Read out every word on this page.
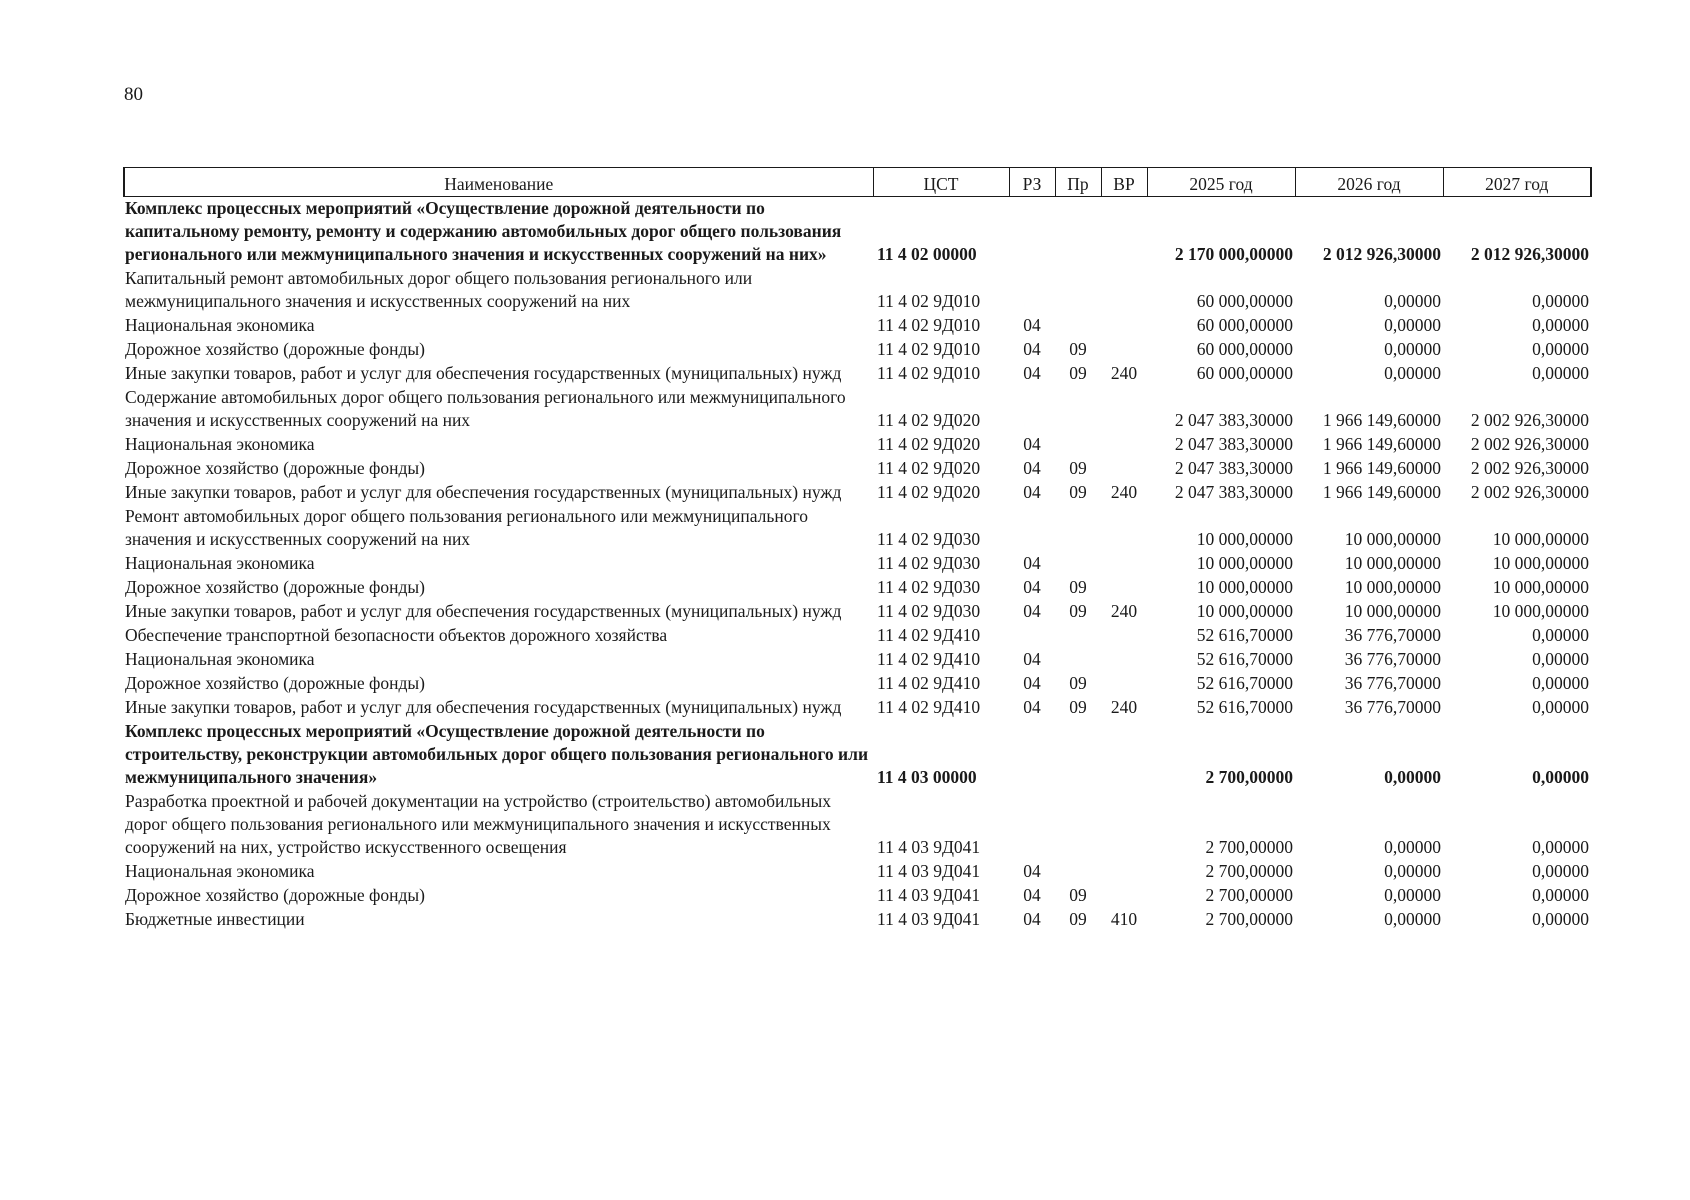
80
Наименование	ЦСТ	РЗ	Пр	ВР	2025 год	2026 год	2027 год
Комплекс процессных мероприятий «Осуществление дорожной деятельности по капитальному ремонту, ремонту и содержанию автомобильных дорог общего пользования регионального или межмуниципального значения и искусственных сооружений на них»	11 4 02 00000				2 170 000,00000	2 012 926,30000	2 012 926,30000
Капитальный ремонт автомобильных дорог общего пользования регионального или межмуниципального значения и искусственных сооружений на них	11 4 02 9Д010				60 000,00000	0,00000	0,00000
Национальная экономика	11 4 02 9Д010	04			60 000,00000	0,00000	0,00000
Дорожное хозяйство (дорожные фонды)	11 4 02 9Д010	04	09		60 000,00000	0,00000	0,00000
Иные закупки товаров, работ и услуг для обеспечения государственных (муниципальных) нужд	11 4 02 9Д010	04	09	240	60 000,00000	0,00000	0,00000
Содержание автомобильных дорог общего пользования регионального или межмуниципального значения и искусственных сооружений на них	11 4 02 9Д020				2 047 383,30000	1 966 149,60000	2 002 926,30000
Национальная экономика	11 4 02 9Д020	04			2 047 383,30000	1 966 149,60000	2 002 926,30000
Дорожное хозяйство (дорожные фонды)	11 4 02 9Д020	04	09		2 047 383,30000	1 966 149,60000	2 002 926,30000
Иные закупки товаров, работ и услуг для обеспечения государственных (муниципальных) нужд	11 4 02 9Д020	04	09	240	2 047 383,30000	1 966 149,60000	2 002 926,30000
Ремонт автомобильных дорог общего пользования регионального или межмуниципального значения и искусственных сооружений на них	11 4 02 9Д030				10 000,00000	10 000,00000	10 000,00000
Национальная экономика	11 4 02 9Д030	04			10 000,00000	10 000,00000	10 000,00000
Дорожное хозяйство (дорожные фонды)	11 4 02 9Д030	04	09		10 000,00000	10 000,00000	10 000,00000
Иные закупки товаров, работ и услуг для обеспечения государственных (муниципальных) нужд	11 4 02 9Д030	04	09	240	10 000,00000	10 000,00000	10 000,00000
Обеспечение транспортной безопасности объектов дорожного хозяйства	11 4 02 9Д410				52 616,70000	36 776,70000	0,00000
Национальная экономика	11 4 02 9Д410	04			52 616,70000	36 776,70000	0,00000
Дорожное хозяйство (дорожные фонды)	11 4 02 9Д410	04	09		52 616,70000	36 776,70000	0,00000
Иные закупки товаров, работ и услуг для обеспечения государственных (муниципальных) нужд	11 4 02 9Д410	04	09	240	52 616,70000	36 776,70000	0,00000
Комплекс процессных мероприятий «Осуществление дорожной деятельности по строительству, реконструкции автомобильных дорог общего пользования регионального или межмуниципального значения»	11 4 03 00000				2 700,00000	0,00000	0,00000
Разработка проектной и рабочей документации на устройство (строительство) автомобильных дорог общего пользования регионального или межмуниципального значения и искусственных сооружений на них, устройство искусственного освещения	11 4 03 9Д041				2 700,00000	0,00000	0,00000
Национальная экономика	11 4 03 9Д041	04			2 700,00000	0,00000	0,00000
Дорожное хозяйство (дорожные фонды)	11 4 03 9Д041	04	09		2 700,00000	0,00000	0,00000
Бюджетные инвестиции	11 4 03 9Д041	04	09	410	2 700,00000	0,00000	0,00000
